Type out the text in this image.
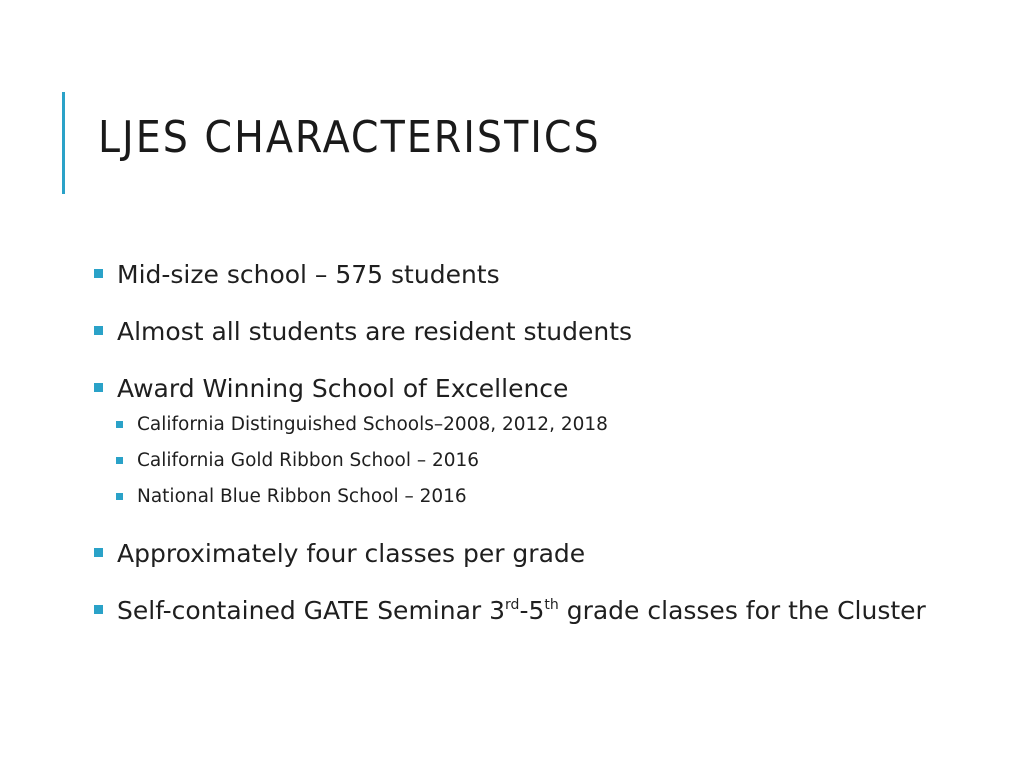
LJES CHARACTERISTICS
Mid-size school – 575 students
Almost all students are resident students
Award Winning School of Excellence
California Distinguished Schools–2008, 2012, 2018
California Gold Ribbon School – 2016
National Blue Ribbon School – 2016
Approximately four classes per grade
Self-contained GATE Seminar 3rd-5th grade classes for the Cluster
